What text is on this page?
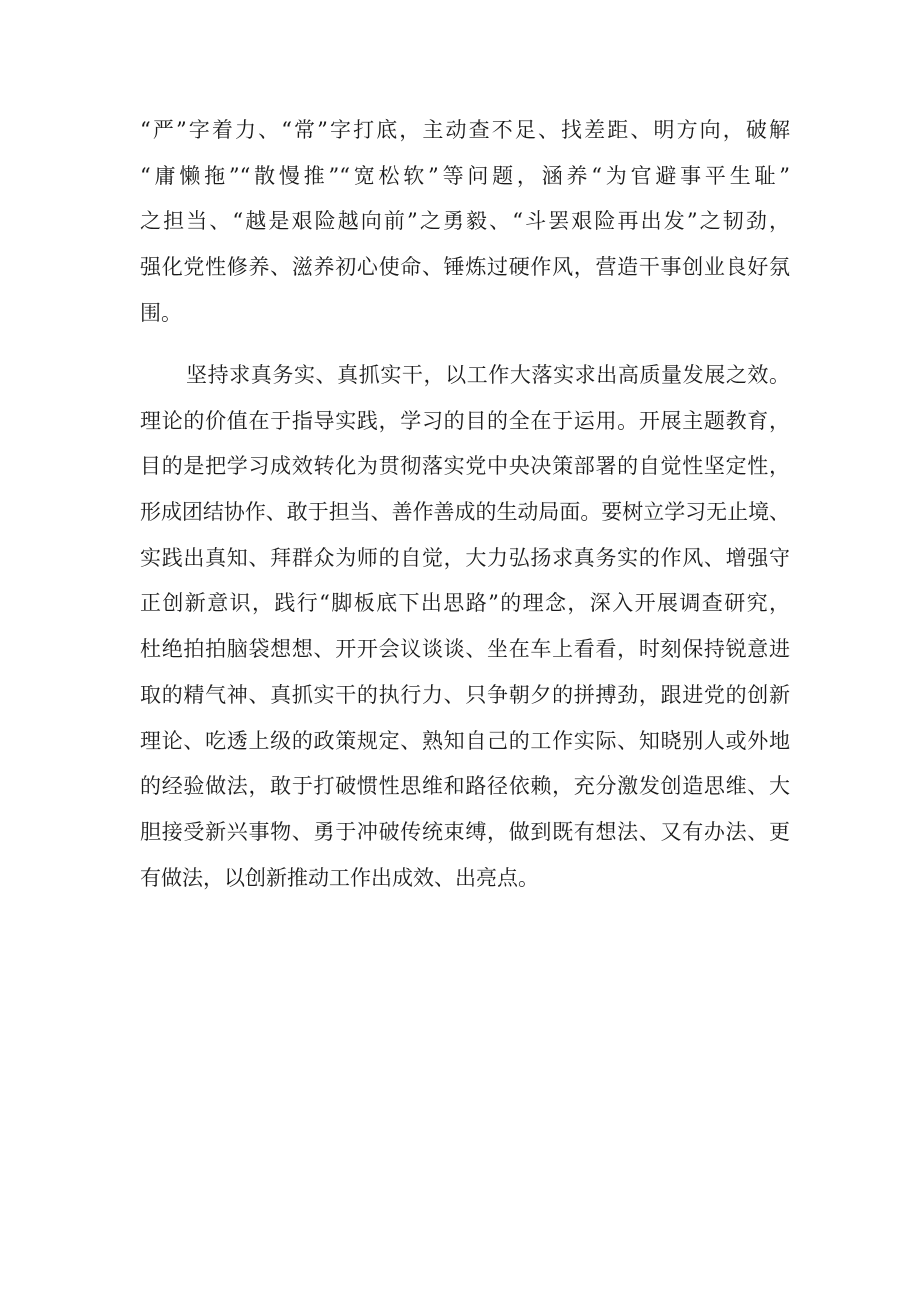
“严”字着力、“常”字打底，主动查不足、找差距、明方向，破解
“庸懒拖”“散慢推”“宽松软”等问题，涵养“为官避事平生耻”
之担当、“越是艰险越向前”之勇毅、“斗罢艰险再出发”之韧劲，
强化党性修养、滋养初心使命、锤炼过硬作风，营造干事创业良好氛
围。
坚持求真务实、真抓实干，以工作大落实求出高质量发展之效。
理论的价值在于指导实践，学习的目的全在于运用。开展主题教育，
目的是把学习成效转化为贯彻落实党中央决策部署的自觉性坚定性，
形成团结协作、敢于担当、善作善成的生动局面。要树立学习无止境、
实践出真知、拜群众为师的自觉，大力弘扬求真务实的作风、增强守
正创新意识，践行“脚板底下出思路”的理念，深入开展调查研究，
杜绝拍拍脑袋想想、开开会议谈谈、坐在车上看看，时刻保持锐意进
取的精气神、真抓实干的执行力、只争朝夕的拼搏劲，跟进党的创新
理论、吃透上级的政策规定、熟知自己的工作实际、知晓别人或外地
的经验做法，敢于打破惯性思维和路径依赖，充分激发创造思维、大
胆接受新兴事物、勇于冲破传统束缚，做到既有想法、又有办法、更
有做法，以创新推动工作出成效、出亮点。
